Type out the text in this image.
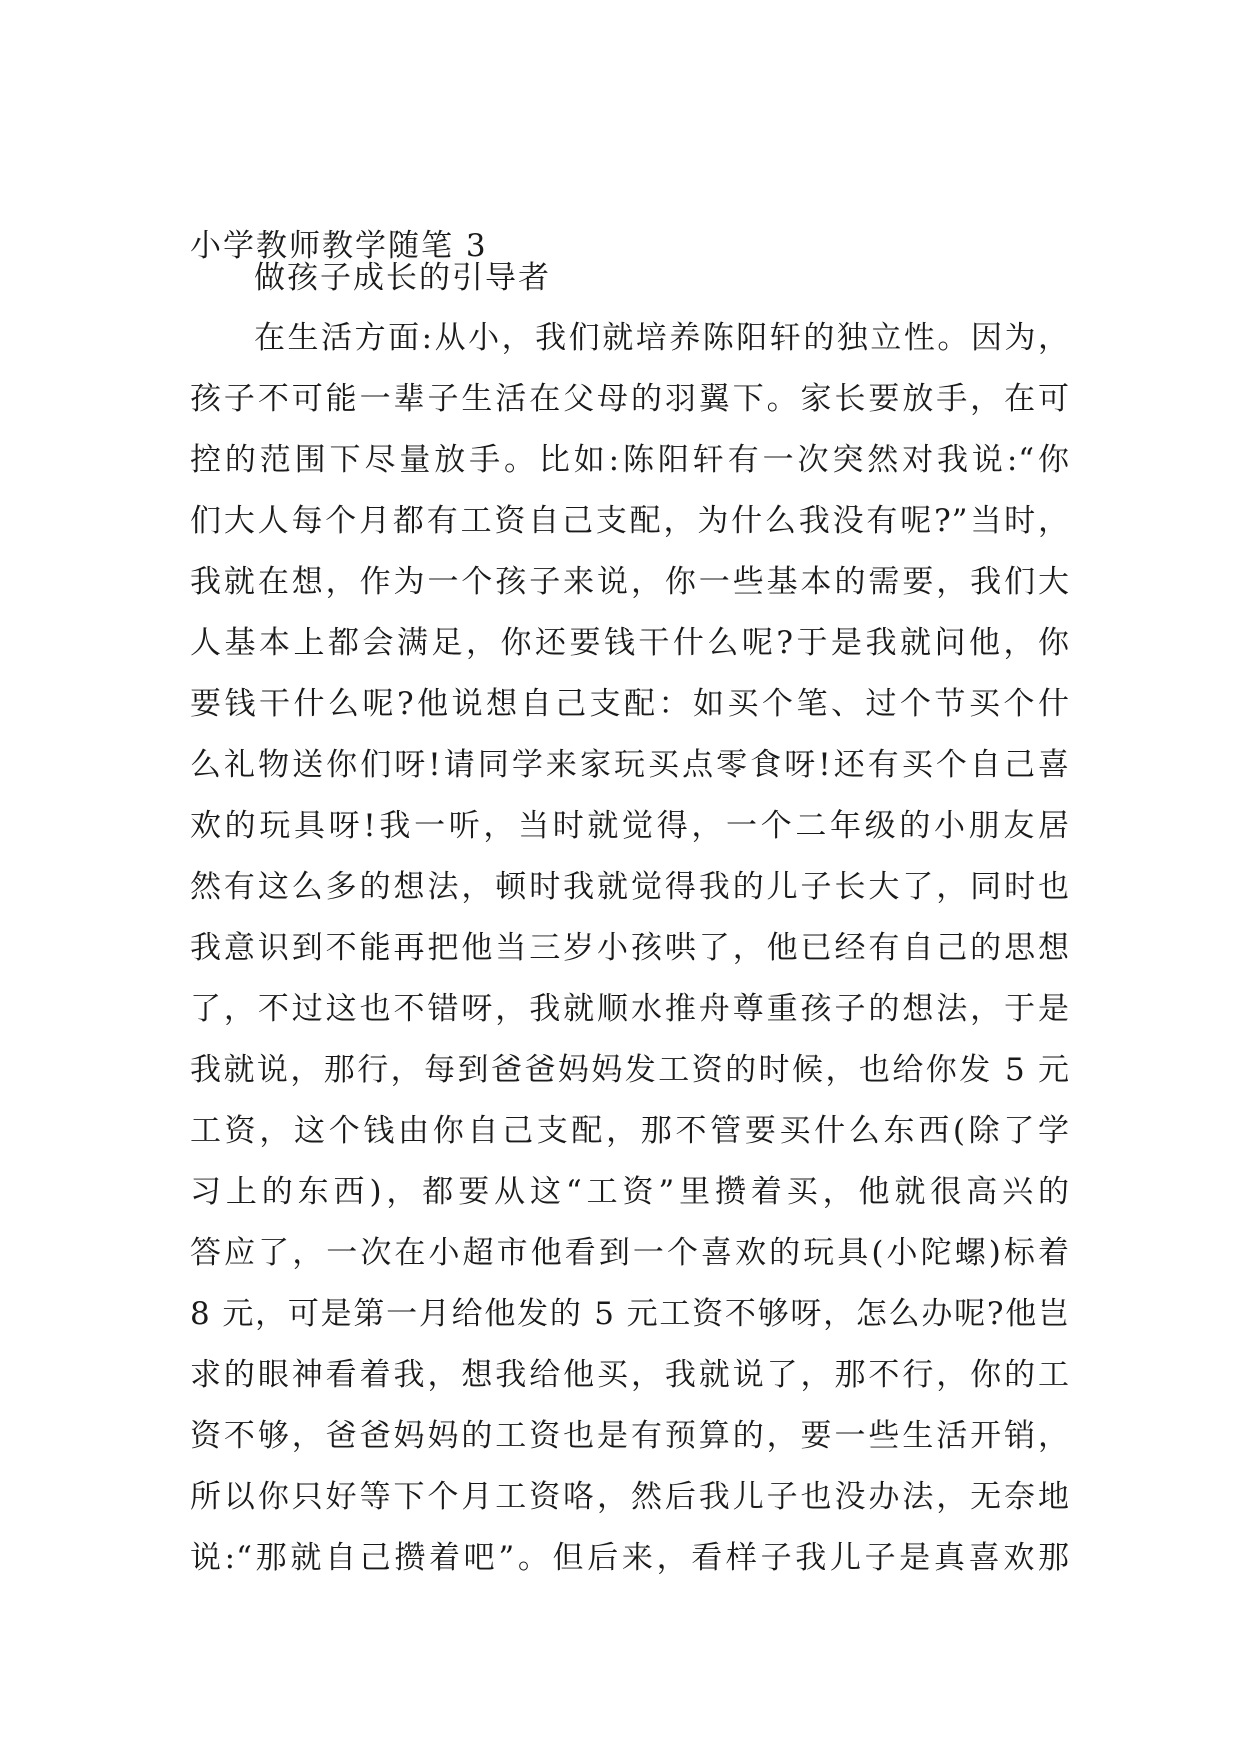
小学教师教学随笔 3
做孩子成长的引导者
在生活方面:从小，我们就培养陈阳轩的独立性。因为，
孩子不可能一辈子生活在父母的羽翼下。家长要放手，在可
控的范围下尽量放手。比如:陈阳轩有一次突然对我说:“你
们大人每个月都有工资自己支配，为什么我没有呢?”当时，
我就在想，作为一个孩子来说，你一些基本的需要，我们大
人基本上都会满足，你还要钱干什么呢?于是我就问他，你
要钱干什么呢?他说想自己支配：如买个笔、过个节买个什
么礼物送你们呀!请同学来家玩买点零食呀!还有买个自己喜
欢的玩具呀!我一听，当时就觉得，一个二年级的小朋友居
然有这么多的想法，顿时我就觉得我的儿子长大了，同时也
我意识到不能再把他当三岁小孩哄了，他已经有自己的思想
了，不过这也不错呀，我就顺水推舟尊重孩子的想法，于是
我就说，那行，每到爸爸妈妈发工资的时候，也给你发 5 元
工资，这个钱由你自己支配，那不管要买什么东西(除了学
习上的东西)，都要从这“工资”里攒着买，他就很高兴的
答应了，一次在小超市他看到一个喜欢的玩具(小陀螺)标着
8 元，可是第一月给他发的 5 元工资不够呀，怎么办呢?他岂
求的眼神看着我，想我给他买，我就说了，那不行，你的工
资不够，爸爸妈妈的工资也是有预算的，要一些生活开销，
所以你只好等下个月工资咯，然后我儿子也没办法，无奈地
说:“那就自己攒着吧”。但后来，看样子我儿子是真喜欢那
